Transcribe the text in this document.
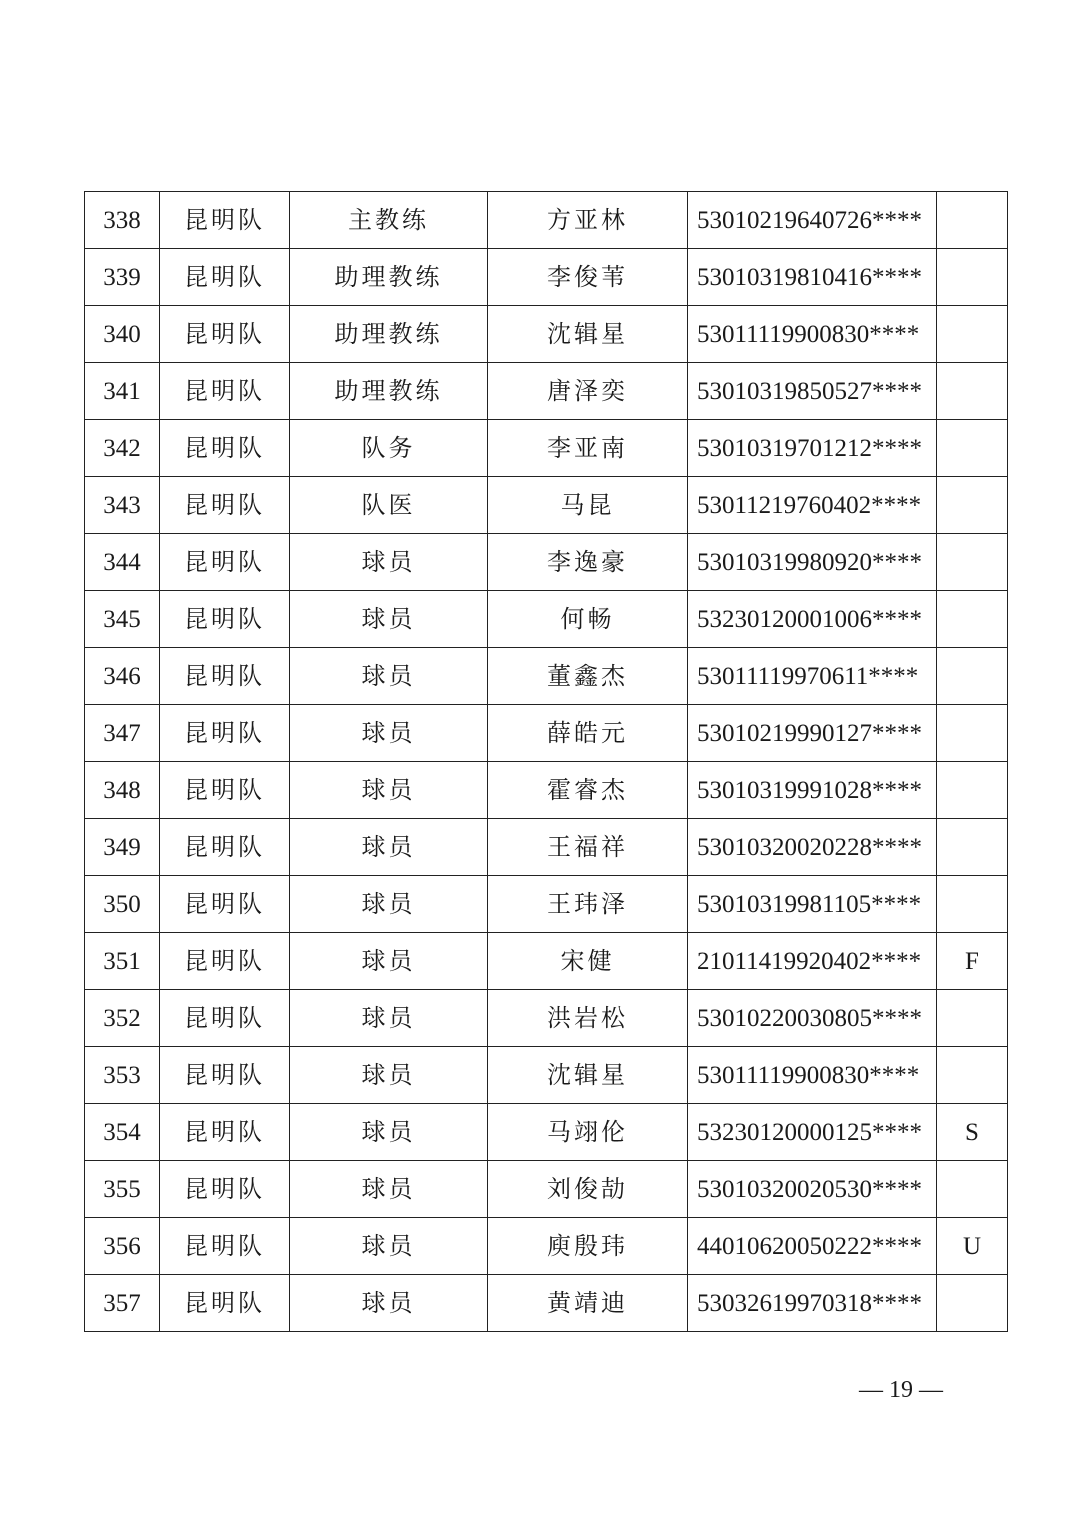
338	昆明队	主教练	方亚林	53010219640726****	
339	昆明队	助理教练	李俊苇	53010319810416****	
340	昆明队	助理教练	沈辑星	53011119900830****	
341	昆明队	助理教练	唐泽奕	53010319850527****	
342	昆明队	队务	李亚南	53010319701212****	
343	昆明队	队医	马昆	53011219760402****	
344	昆明队	球员	李逸豪	53010319980920****	
345	昆明队	球员	何畅	53230120001006****	
346	昆明队	球员	董鑫杰	53011119970611****	
347	昆明队	球员	薛皓元	53010219990127****	
348	昆明队	球员	霍睿杰	53010319991028****	
349	昆明队	球员	王福祥	53010320020228****	
350	昆明队	球员	王玮泽	53010319981105****	
351	昆明队	球员	宋健	21011419920402****	F
352	昆明队	球员	洪岩松	53010220030805****	
353	昆明队	球员	沈辑星	53011119900830****	
354	昆明队	球员	马翊伦	53230120000125****	S
355	昆明队	球员	刘俊劼	53010320020530****	
356	昆明队	球员	庾殷玮	44010620050222****	U
357	昆明队	球员	黄靖迪	53032619970318****	
— 19 —
